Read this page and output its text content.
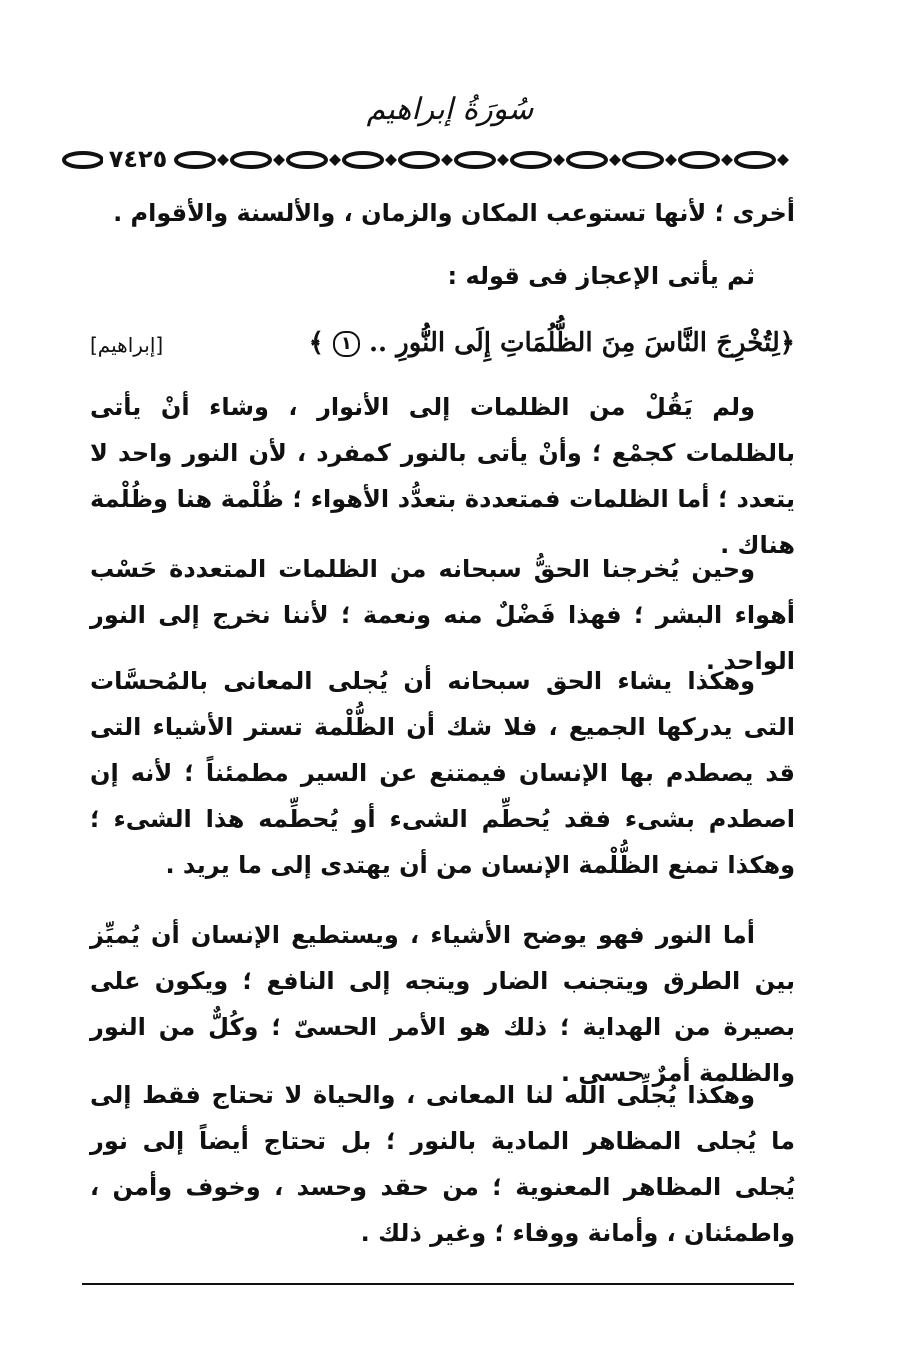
سُورَةُ إبراهيم
٧٤٢٥
أخرى ؛ لأنها تستوعب المكان والزمان ، والألسنة والأقوام .
ثم يأتى الإعجاز فى قوله :
﴿لِتُخْرِجَ النَّاسَ مِنَ الظُّلُمَاتِ إِلَى النُّورِ .. ١ ﴾
[إبراهيم]
ولم يَقُلْ من الظلمات إلى الأنوار ، وشاء أنْ يأتى بالظلمات كجمْع ؛ وأنْ يأتى بالنور كمفرد ، لأن النور واحد لا يتعدد ؛ أما الظلمات فمتعددة بتعدُّد الأهواء ؛ ظُلْمة هنا وظُلْمة هناك .
وحين يُخرجنا الحقُّ سبحانه من الظلمات المتعددة حَسْب أهواء البشر ؛ فهذا فَضْلٌ منه ونعمة ؛ لأننا نخرج إلى النور الواحد .
وهكذا يشاء الحق سبحانه أن يُجلى المعانى بالمُحسَّات التى يدركها الجميع ، فلا شك أن الظُّلْمة تستر الأشياء التى قد يصطدم بها الإنسان فيمتنع عن السير مطمئناً ؛ لأنه إن اصطدم بشىء فقد يُحطِّم الشىء أو يُحطِّمه هذا الشىء ؛ وهكذا تمنع الظُّلْمة الإنسان من أن يهتدى إلى ما يريد .
أما النور فهو يوضح الأشياء ، ويستطيع الإنسان أن يُميِّز بين الطرق ويتجنب الضار ويتجه إلى النافع ؛ ويكون على بصيرة من الهداية ؛ ذلك هو الأمر الحسىّ ؛ وكُلٌّ من النور والظلمة أمرٌ حسى .
وهكذا يُجلِّى الله لنا المعانى ، والحياة لا تحتاج فقط إلى ما يُجلى المظاهر المادية بالنور ؛ بل تحتاج أيضاً إلى نور يُجلى المظاهر المعنوية ؛ من حقد وحسد ، وخوف وأمن ، واطمئنان ، وأمانة ووفاء ؛ وغير ذلك .
